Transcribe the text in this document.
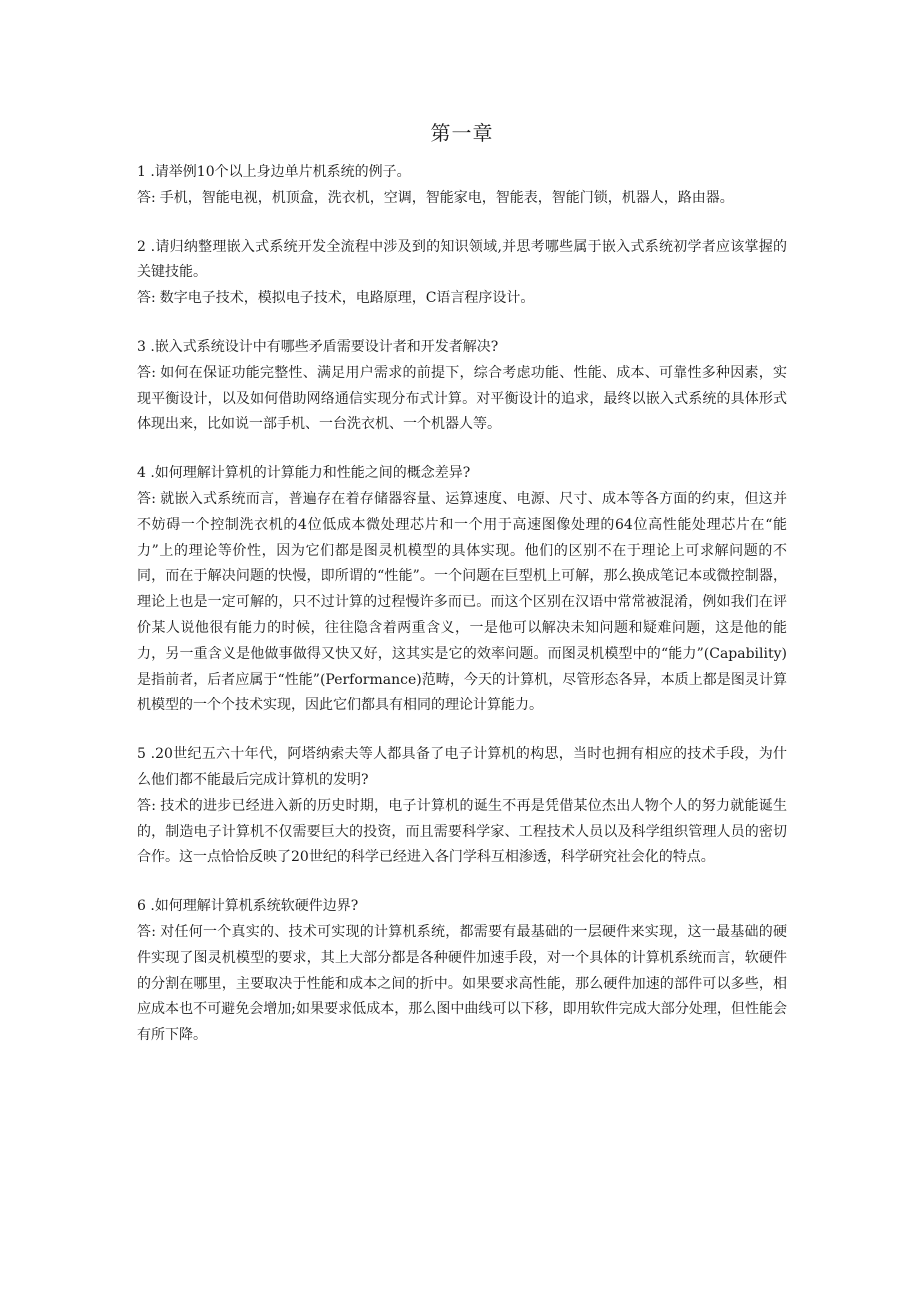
第一章

1 .请举例10个以上身边单片机系统的例子。

答: 手机，智能电视，机顶盒，洗衣机，空调，智能家电，智能表，智能门锁，机器人，路由器。

2 .请归纳整理嵌入式系统开发全流程中涉及到的知识领域,并思考哪些属于嵌入式系统初学者应该掌握的关键技能。

答: 数字电子技术，模拟电子技术，电路原理，C语言程序设计。

3 .嵌入式系统设计中有哪些矛盾需要设计者和开发者解决?

答: 如何在保证功能完整性、满足用户需求的前提下，综合考虑功能、性能、成本、可靠性多种因素，实现平衡设计，以及如何借助网络通信实现分布式计算。对平衡设计的追求，最终以嵌入式系统的具体形式体现出来，比如说一部手机、一台洗衣机、一个机器人等。

4 .如何理解计算机的计算能力和性能之间的概念差异?

答: 就嵌入式系统而言，普遍存在着存储器容量、运算速度、电源、尺寸、成本等各方面的约束，但这并不妨碍一个控制洗衣机的4位低成本微处理芯片和一个用于高速图像处理的64位高性能处理芯片在“能力”上的理论等价性，因为它们都是图灵机模型的具体实现。他们的区别不在于理论上可求解问题的不同，而在于解决问题的快慢，即所谓的“性能”。一个问题在巨型机上可解，那么换成笔记本或微控制器，理论上也是一定可解的，只不过计算的过程慢许多而已。而这个区别在汉语中常常被混淆，例如我们在评价某人说他很有能力的时候，往往隐含着两重含义，一是他可以解决未知问题和疑难问题，这是他的能力，另一重含义是他做事做得又快又好，这其实是它的效率问题。而图灵机模型中的“能力”(Capability)是指前者，后者应属于“性能”(Performance)范畴，今天的计算机，尽管形态各异，本质上都是图灵计算机模型的一个个技术实现，因此它们都具有相同的理论计算能力。

5 .20世纪五六十年代，阿塔纳索夫等人都具备了电子计算机的构思，当时也拥有相应的技术手段，为什么他们都不能最后完成计算机的发明?

答: 技术的进步已经进入新的历史时期，电子计算机的诞生不再是凭借某位杰出人物个人的努力就能诞生的，制造电子计算机不仅需要巨大的投资，而且需要科学家、工程技术人员以及科学组织管理人员的密切合作。这一点恰恰反映了20世纪的科学已经进入各门学科互相渗透，科学研究社会化的特点。

6 .如何理解计算机系统软硬件边界?

答: 对任何一个真实的、技术可实现的计算机系统，都需要有最基础的一层硬件来实现，这一最基础的硬件实现了图灵机模型的要求，其上大部分都是各种硬件加速手段，对一个具体的计算机系统而言，软硬件的分割在哪里，主要取决于性能和成本之间的折中。如果要求高性能，那么硬件加速的部件可以多些，相应成本也不可避免会增加;如果要求低成本，那么图中曲线可以下移，即用软件完成大部分处理，但性能会有所下降。
